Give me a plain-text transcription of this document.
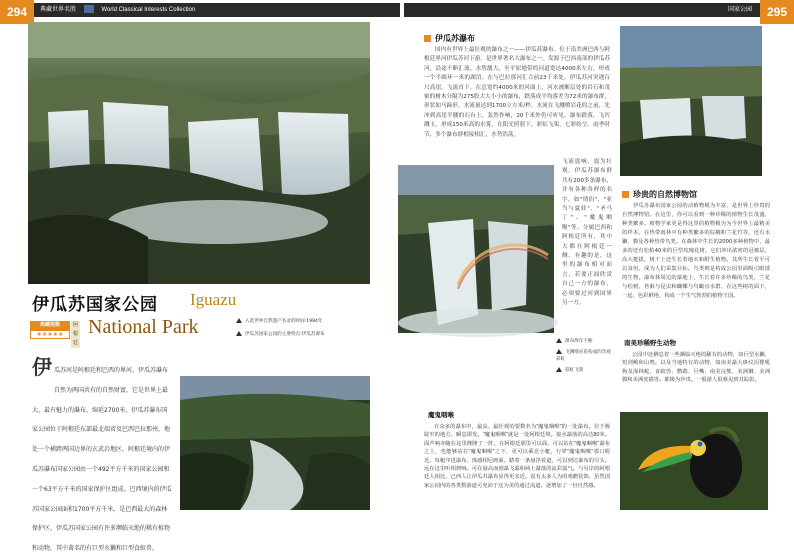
294	典藏世界名胜	World Classical Interests Collection	国家公园	295
伊瓜苏国家公园 Iguazu
National Park
典藏指数
★★★★★
阿
根
廷
入选世界自然遗产名录的时间:1984年
伊瓜苏国家公园的主要特点:伊瓜苏瀑布
伊 瓜苏河是阿根廷和巴西的界河。伊瓜苏瀑布自然为两国共有的自然财富。它是世界上最大、最有魅力的瀑布，绵延2700米。伊瓜苏瀑布国家公园位于阿根廷东部最北端省及巴西巴拉那州，地处一个横跨两国边界的玄武岩地区。阿根廷境内的伊瓜苏瀑布国家公园由一个492平方千米的国家公园和一个63平方千米的国家保护区组成。巴西境内的伊瓜苏国家公园面积1700平方千米，是巴西最大的森林保护区。伊瓜苏国家公园有许多濒临灭绝的稀有植物和动物，其中著名的有巨型水獭和巨型食蚁兽。
伊瓜苏瀑布
国内有世界上最壮观的瀑布之一——伊瓜苏瀑布。位于南美洲巴西与阿根廷界河伊瓜苏河下游。是世界著名大瀑布之一。发源于巴西南部的伊瓜苏河，沿途不断汇流。水势激大，至平原地带的河道宽达4000米左右，形成一个半圆环一米的湖泊。在与巴拉那河汇合前23千米处，伊瓜苏河突遇百尺高崖，飞流直下。在总宽约4000米的河面上，河水被断层处的岩石和茂密的树木分隔为275股大大小小的瀑布，跌落成平均落差为72米的瀑布群，形状如马蹄形，水流量达到1700立方米/秒。水流在飞溅喷岩花的之前，先冲到高崖半腰的石台上，轰然作响，20千米外仍可听见。瀑布跌落，飞泻溅玉，形成150米高的水雾，在阳光照射下，彩虹飞架，七彩纷呈。雨季时节，多个瀑布群相接相汇，水势浩荡，
飞流震响，震为壮观。伊瓜苏瀑布群共有200多条瀑布，并有各种各样的名字，如"情侣"、"亚当与夏娃"、"圣马丁"、"魔鬼咽喉"等。分属巴西和阿根廷所有，其中大都在阿根廷一侧。有趣的是，这里的瀑布相对而言，若要正面欣赏自己一方的瀑布，必须要过河到国界另一方。
瀑布终年不断
飞溅喷岩花构成的奇观彩虹
彩虹飞架
魔鬼咽喉
在众多的瀑布中，最高、最壮观的要数名为"魔鬼咽喉"的一处瀑布。位于极陡窄的地方。瞬息即发。"魔鬼咽喉"就是一处阿根廷境。接水瀑落的高达80米。面声响亦随在这里隆隆了一阵。在阿根廷那里可以面，可以站在"魔鬼咽喉"瀑布之上，也能够站在"魔鬼咽喉"之下，更可以乘竞小艇，行穿"魔鬼咽喉"那口附近。每艇序进瀑布，体感相尼画面。踏着一条悬浮着道，可以到达暴布的尽头。远在这里听相到响。可在悬高而到瀑飞瀑和两上瀑落的流彩露气。与另岸的阿根廷人相比，已西人让伊瓜苏瀑布显得更亲近。说有太多人为的观瞻装饰，虽然国家公园内的各类数游道可充沛于这为美的通过流道。逐增加了一份自然感。
珍贵的自然博物馆
伊瓜苏瀑布国家公园的动植物极为丰富，是世界上珍贵的自然博物馆。在这里，你可以看到一种珍稀的植物生长茂盛，种类繁多。植物学家更是得这里的植物极为为今世界上最精美的样本。在热带雨林中有种类繁多的棕榈和兰花竹等，还有水獭、貘及各种热带鸟类。在森林中生长的2000多种植物中，最多的还有松柏40米的巨型玫瑰花树。它们冲出浓密的冠被层，高大挺拔，树干上还生长着地衣和附生植物。其所生长着平可以食用，成为人们采集目标。鸟类则是构成公园里面吸引眼球的生物，瀑布林周边的瀑地上，生长着许多珍稀的鸟类，兰花与松树，苔藓与昆虫和蝴蝶与鸟瞰宜水群。在这些树的面下，一起，色彩鲜艳，构成一个生气勃勃的植物王国。
南美珍稀野生动物
公园中还栖息着一些濒临灭绝的稀有的动物，如巨型水獭、短剑鲍和山鸦。以及当地特有的动物，如南美瀑大斑纹沼狸吼狗及深林蛇、食蚁兽、鹦鹉、巨嘴、南美浣熊、美洲狮、美洲貘和美洲虎猫等。都极为珍贵。一般游人很难见到其踪影。
